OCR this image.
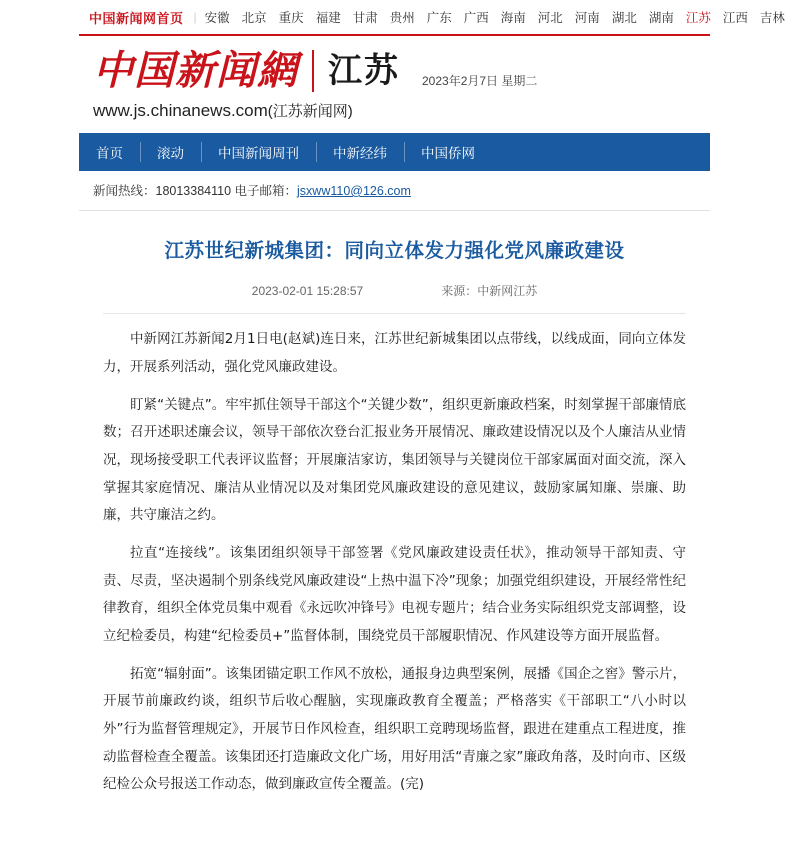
中国新闻网首页 | 安徽 北京 重庆 福建 甘肃 贵州 广东 广西 海南 河北 河南 湖北 湖南 江苏 江西 吉林
中国新闻網 江苏 2023年2月7日 星期二
www.js.chinanews.com(江苏新闻网)
首页	滚动	中国新闻周刊	中新经纬	中国侨网
新闻热线：18013384110 电子邮箱：jsxww110@126.com
江苏世纪新城集团：同向立体发力强化党风廉政建设
2023-02-01 15:28:57	来源：中新网江苏

中新网江苏新闻2月1日电(赵斌)连日来，江苏世纪新城集团以点带线，以线成面，同向立体发力，开展系列活动，强化党风廉政建设。

盯紧“关键点”。牢牢抓住领导干部这个“关键少数”，组织更新廉政档案，时刻掌握干部廉情底数；召开述职述廉会议，领导干部依次登台汇报业务开展情况、廉政建设情况以及个人廉洁从业情况，现场接受职工代表评议监督；开展廉洁家访，集团领导与关键岗位干部家属面对面交流，深入掌握其家庭情况、廉洁从业情况以及对集团党风廉政建设的意见建议，鼓励家属知廉、崇廉、助廉，共守廉洁之约。

拉直“连接线”。该集团组织领导干部签署《党风廉政建设责任状》，推动领导干部知责、守责、尽责，坚决遏制个别条线党风廉政建设“上热中温下冷”现象；加强党组织建设，开展经常性纪律教育，组织全体党员集中观看《永远吹冲锋号》电视专题片；结合业务实际组织党支部调整，设立纪检委员，构建“纪检委员+”监督体制，围绕党员干部履职情况、作风建设等方面开展监督。

拓宽“辐射面”。该集团锚定职工作风不放松，通报身边典型案例，展播《国企之窖》警示片，开展节前廉政约谈，组织节后收心醒脑，实现廉政教育全覆盖；严格落实《干部职工“八小时以外”行为监督管理规定》，开展节日作风检查，组织职工竞聘现场监督，跟进在建重点工程进度，推动监督检查全覆盖。该集团还打造廉政文化广场，用好用活“青廉之家”廉政角落，及时向市、区级纪检公众号报送工作动态，做到廉政宣传全覆盖。(完)
